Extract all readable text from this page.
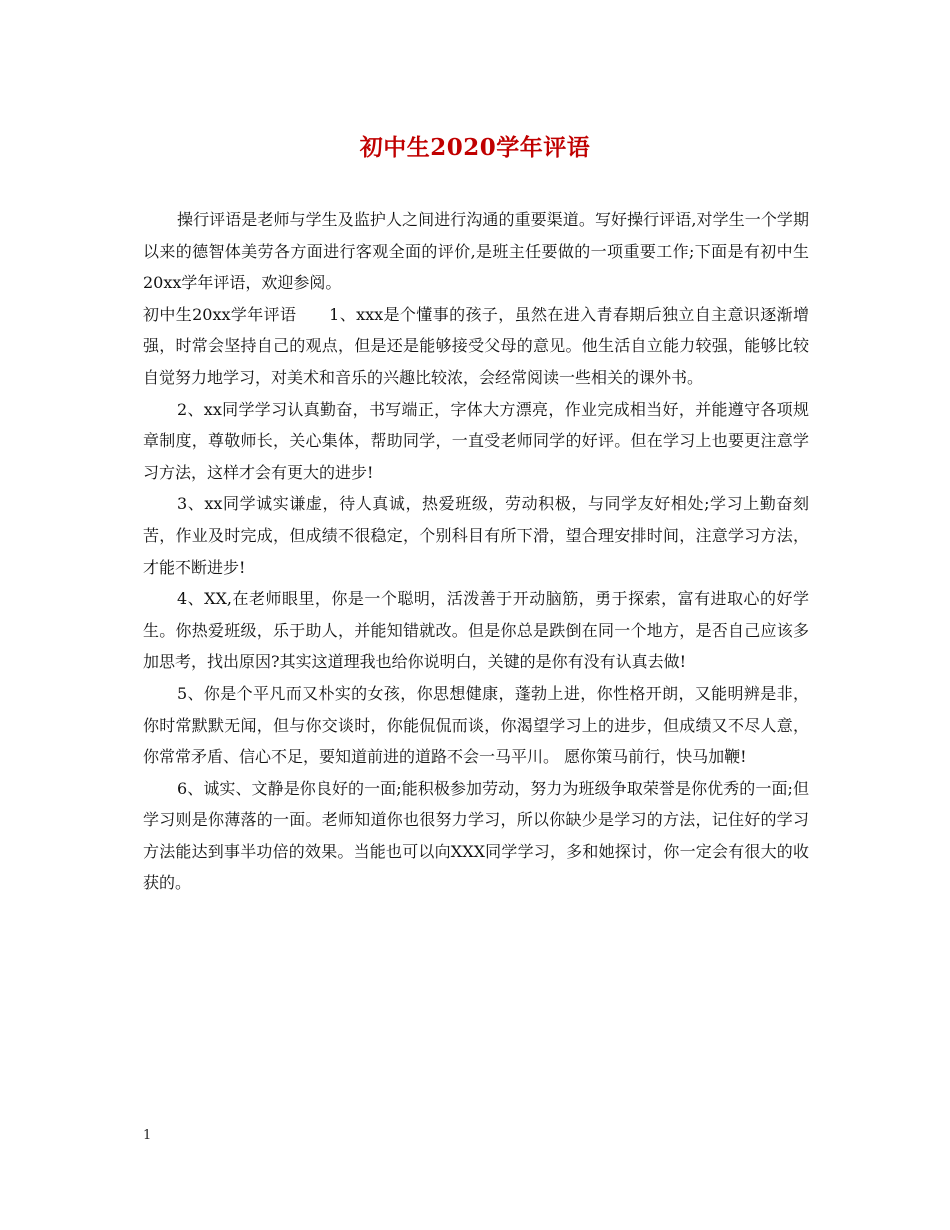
初中生2020学年评语

操行评语是老师与学生及监护人之间进行沟通的重要渠道。写好操行评语,对学生一个学期以来的德智体美劳各方面进行客观全面的评价,是班主任要做的一项重要工作;下面是有初中生20xx学年评语，欢迎参阅。

初中生20xx学年评语　　1、xxx是个懂事的孩子，虽然在进入青春期后独立自主意识逐渐增强，时常会坚持自己的观点，但是还是能够接受父母的意见。他生活自立能力较强，能够比较自觉努力地学习，对美术和音乐的兴趣比较浓，会经常阅读一些相关的课外书。

2、xx同学学习认真勤奋，书写端正，字体大方漂亮，作业完成相当好，并能遵守各项规章制度，尊敬师长，关心集体，帮助同学，一直受老师同学的好评。但在学习上也要更注意学习方法，这样才会有更大的进步!

3、xx同学诚实谦虚，待人真诚，热爱班级，劳动积极，与同学友好相处;学习上勤奋刻苦，作业及时完成，但成绩不很稳定，个别科目有所下滑，望合理安排时间，注意学习方法，才能不断进步!

4、XX,在老师眼里，你是一个聪明，活泼善于开动脑筋，勇于探索，富有进取心的好学生。你热爱班级，乐于助人，并能知错就改。但是你总是跌倒在同一个地方，是否自己应该多加思考，找出原因?其实这道理我也给你说明白，关键的是你有没有认真去做!

5、你是个平凡而又朴实的女孩，你思想健康，蓬勃上进，你性格开朗，又能明辨是非，你时常默默无闻，但与你交谈时，你能侃侃而谈，你渴望学习上的进步，但成绩又不尽人意，你常常矛盾、信心不足，要知道前进的道路不会一马平川。 愿你策马前行，快马加鞭!

6、诚实、文静是你良好的一面;能积极参加劳动，努力为班级争取荣誉是你优秀的一面;但学习则是你薄落的一面。老师知道你也很努力学习，所以你缺少是学习的方法，记住好的学习方法能达到事半功倍的效果。当能也可以向XXX同学学习，多和她探讨，你一定会有很大的收获的。

1
